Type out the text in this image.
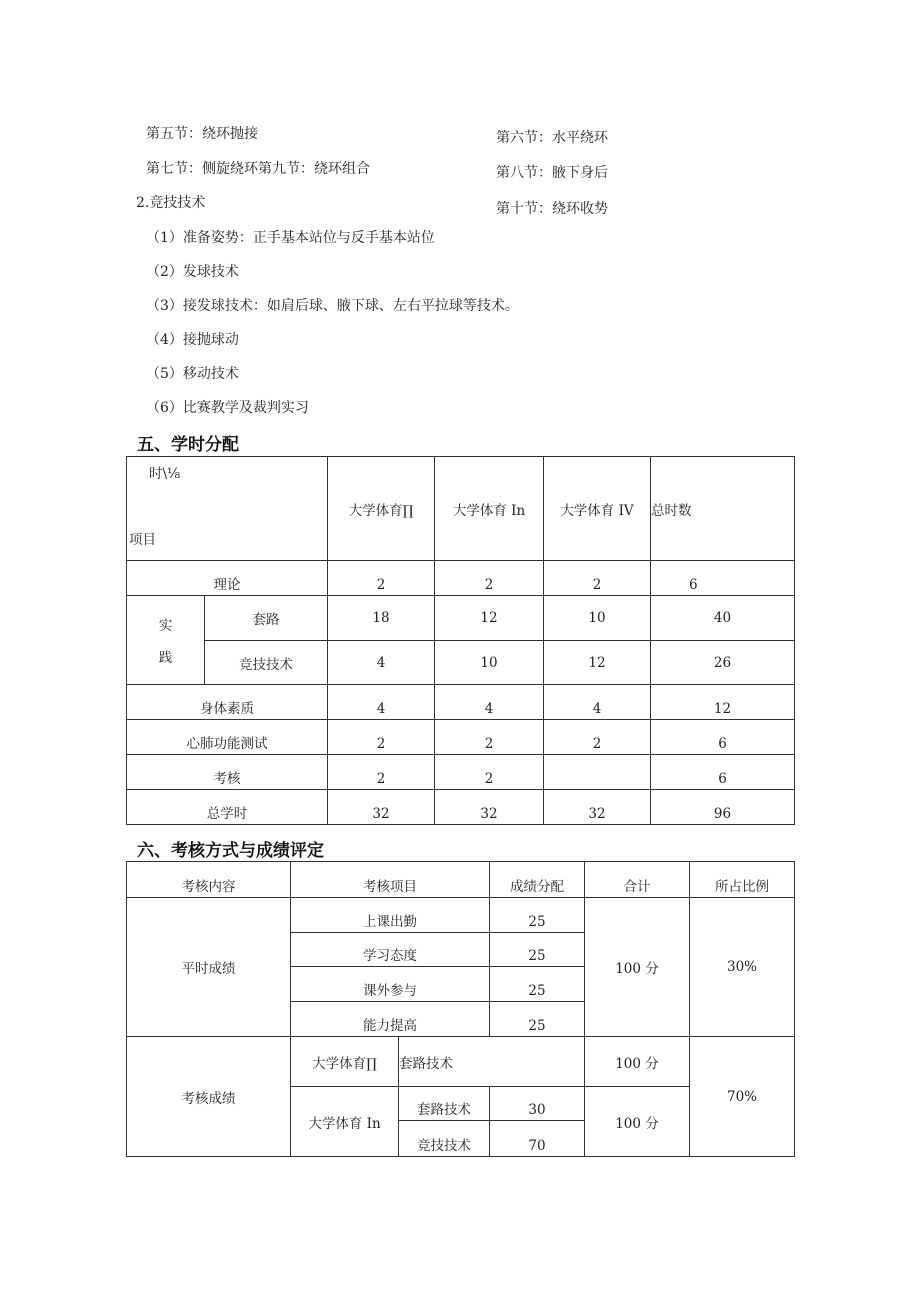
第五节：绕环抛接	第六节：水平绕环
第七节：侧旋绕环第九节：绕环组合	第八节：腋下身后
2.竞技技术	第十节：绕环收势
（1）准备姿势：正手基本站位与反手基本站位
（2）发球技术
（3）接发球技术：如肩后球、腋下球、左右平拉球等技术。
（4）接抛球动
（5）移动技术
（6）比赛教学及裁判实习
五、学时分配
时\⅛
项目		大学体育∏	大学体育 In	大学体育 IV	总时数
理论		2	2	2	6

实
践	套路	18	12	10	40
	竞技技术	4	10	12	26
身体素质		4	4	4	12
心肺功能测试		2	2	2	6
考核		2	2		6
总学时		32	32	32	96
六、考核方式与成绩评定
考核内容	考核项目		成绩分配	合计	所占比例
平时成绩	上课出勤		25	100 分	30%
	学习态度		25		
	课外参与		25		
	能力提高		25		
考核成绩	大学体育∏	套路技术		100 分	70%
	大学体育 In	套路技术	30	100 分	
		竞技技术	70		
